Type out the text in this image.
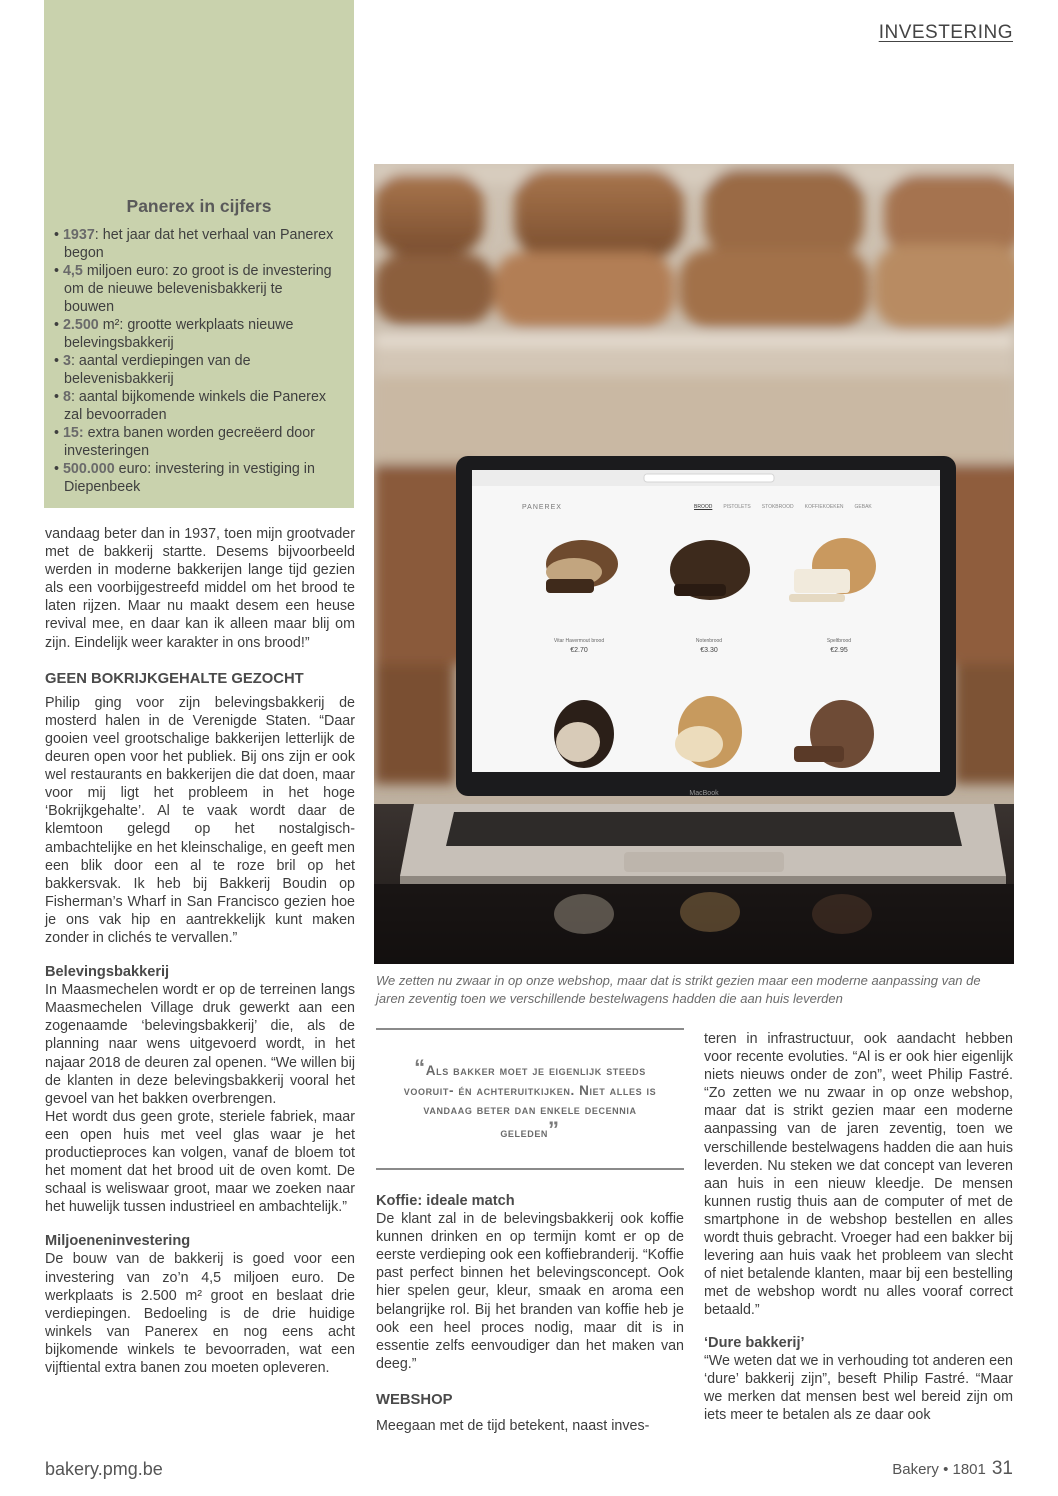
INVESTERING
Panerex in cijfers
• 1937: het jaar dat het verhaal van Panerex begon
• 4,5 miljoen euro: zo groot is de investering om de nieuwe belevenisbakkerij te bouwen
• 2.500 m²: grootte werkplaats nieuwe belevingsbakkerij
• 3: aantal verdiepingen van de belevenisbakkerij
• 8: aantal bijkomende winkels die Panerex zal bevoorraden
• 15: extra banen worden gecreëerd door investeringen
• 500.000 euro: investering in vestiging in Diepenbeek

vandaag beter dan in 1937, toen mijn grootvader met de bakkerij startte. Desems bijvoorbeeld werden in moderne bakkerijen lange tijd gezien als een voorbijgestreefd middel om het brood te laten rijzen. Maar nu maakt desem een heuse revival mee, en daar kan ik alleen maar blij om zijn. Eindelijk weer karakter in ons brood!”

GEEN BOKRIJKGEHALTE GEZOCHT

Philip ging voor zijn belevingsbakkerij de mosterd halen in de Verenigde Staten. “Daar gooien veel grootschalige bakkerijen letterlijk de deuren open voor het publiek. Bij ons zijn er ook wel restaurants en bakkerijen die dat doen, maar voor mij ligt het probleem in het hoge ‘Bokrijkgehalte’. Al te vaak wordt daar de klemtoon gelegd op het nostalgisch-ambachtelijke en het kleinschalige, en geeft men een blik door een al te roze bril op het bakkersvak. Ik heb bij Bakkerij Boudin op Fisherman’s Wharf in San Francisco gezien hoe je ons vak hip en aantrekkelijk kunt maken zonder in clichés te vervallen.”

Belevingsbakkerij

In Maasmechelen wordt er op de terreinen langs Maasmechelen Village druk gewerkt aan een zogenaamde ‘belevingsbakkerij’ die, als de planning naar wens uitgevoerd wordt, in het najaar 2018 de deuren zal openen. “We willen bij de klanten in deze belevingsbakkerij vooral het gevoel van het bakken overbrengen.

Het wordt dus geen grote, steriele fabriek, maar een open huis met veel glas waar je het productieproces kan volgen, vanaf de bloem tot het moment dat het brood uit de oven komt. De schaal is weliswaar groot, maar we zoeken naar het huwelijk tussen industrieel en ambachtelijk.”

Miljoeneninvestering

De bouw van de bakkerij is goed voor een investering van zo’n 4,5 miljoen euro. De werkplaats is 2.500 m² groot en beslaat drie verdiepingen. Bedoeling is de drie huidige winkels van Panerex en nog eens acht bijkomende winkels te bevoorraden, wat een vijftiental extra banen zou moeten opleveren.

PANEREX	BROOD PISTOLETS STOKBROOD KOFFIEKOEKEN GEBAK
Vitar Havermout brood
€2.70
Notenbrood
€3.30
Speltbrood
€2.95
MacBook
We zetten nu zwaar in op onze webshop, maar dat is strikt gezien maar een moderne aanpassing van de jaren zeventig toen we verschillende bestelwagens hadden die aan huis leverden

“Als bakker moet je eigenlijk steeds vooruit- én achteruitkijken. Niet alles is vandaag beter dan enkele decennia geleden”

Koffie: ideale match

De klant zal in de belevingsbakkerij ook koffie kunnen drinken en op termijn komt er op de eerste verdieping ook een koffiebranderij. “Koffie past perfect binnen het belevingsconcept. Ook hier spelen geur, kleur, smaak en aroma een belangrijke rol. Bij het branden van koffie heb je ook een heel proces nodig, maar dit is in essentie zelfs eenvoudiger dan het maken van deeg.”

WEBSHOP

Meegaan met de tijd betekent, naast inves-

teren in infrastructuur, ook aandacht hebben voor recente evoluties. “Al is er ook hier eigenlijk niets nieuws onder de zon”, weet Philip Fastré. “Zo zetten we nu zwaar in op onze webshop, maar dat is strikt gezien maar een moderne aanpassing van de jaren zeventig, toen we verschillende bestelwagens hadden die aan huis leverden. Nu steken we dat concept van leveren aan huis in een nieuw kleedje. De mensen kunnen rustig thuis aan de computer of met de smartphone in de webshop bestellen en alles wordt thuis gebracht. Vroeger had een bakker bij levering aan huis vaak het probleem van slecht of niet betalende klanten, maar bij een bestelling met de webshop wordt nu alles vooraf correct betaald.”

‘Dure bakkerij’

“We weten dat we in verhouding tot anderen een ‘dure’ bakkerij zijn”, beseft Philip Fastré. “Maar we merken dat mensen best wel bereid zijn om iets meer te betalen als ze daar ook

bakery.pmg.be	Bakery • 1801 31
